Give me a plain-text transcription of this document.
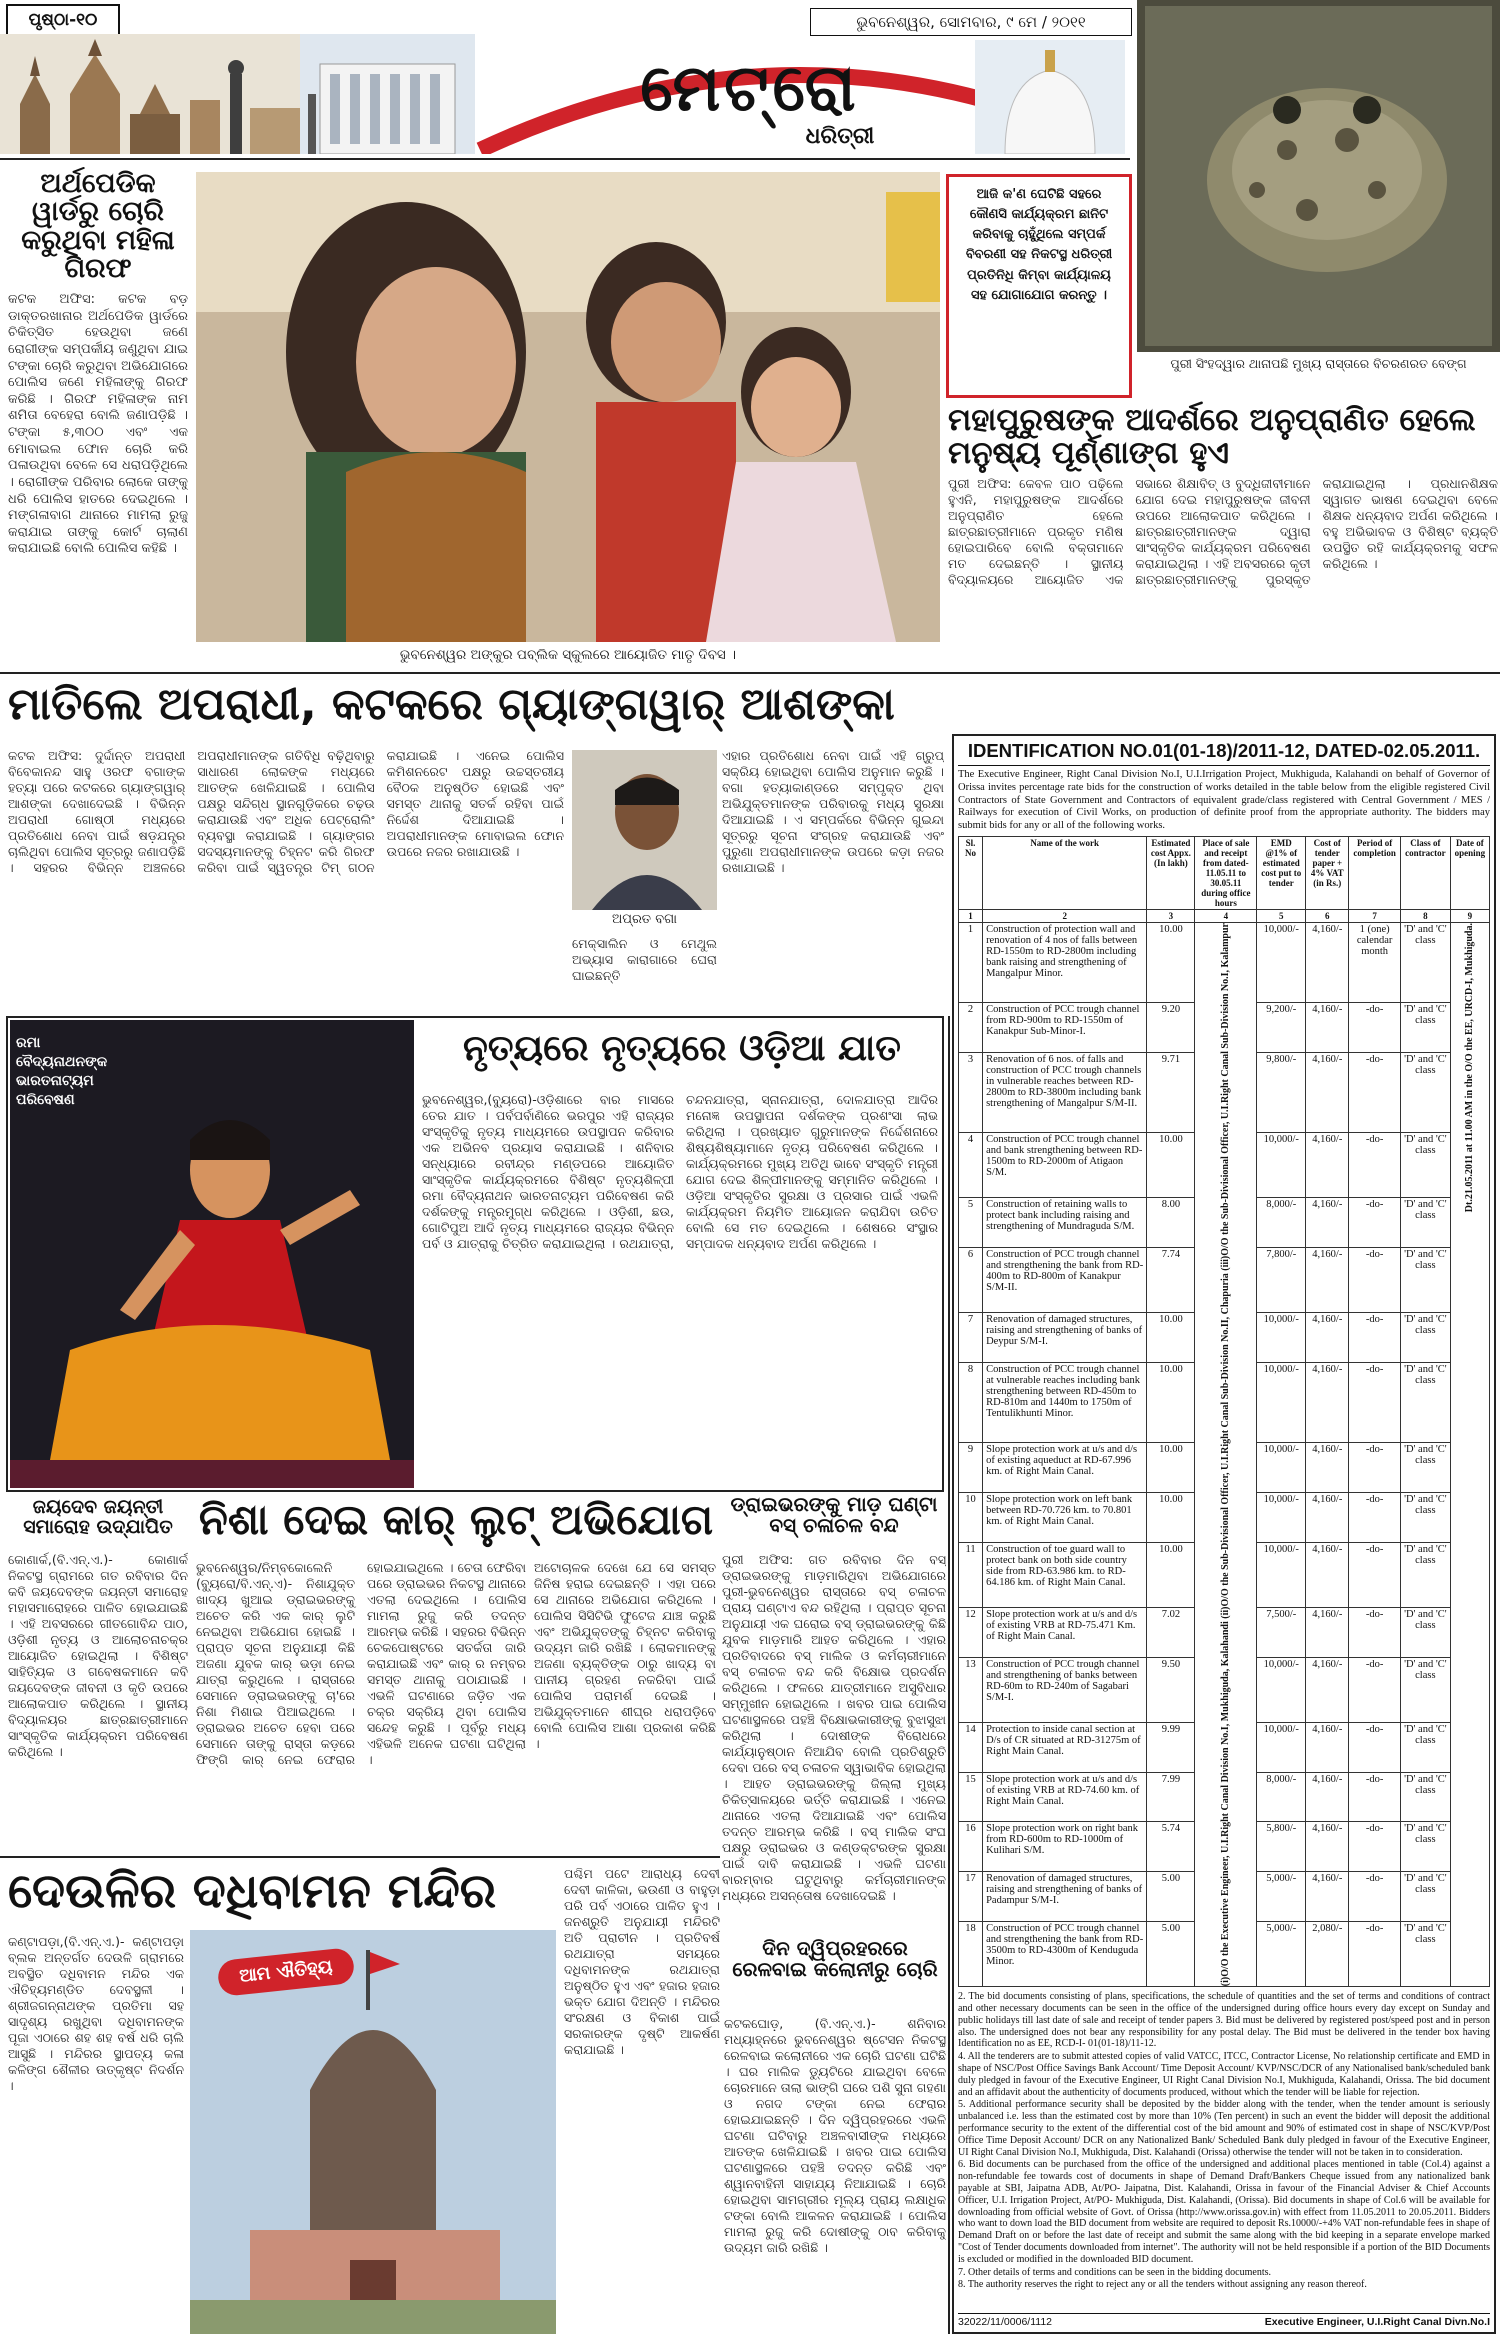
ପୃଷ୍ଠା-୧୦	ଭୁବନେଶ୍ୱର, ସୋମବାର, ୯ ମେ / ୨୦୧୧
ମେଟ୍ରୋ
ଧରିତ୍ରୀ
ପୁରୀ ସିଂହଦ୍ୱାର ଥାନାପଛି ମୁଖ୍ୟ ରାସ୍ତାରେ ବିଚରଣରତ ବେଙ୍ଗ
ଅର୍ଥପେଡିକ ୱାର୍ଡରୁ ଚୋରି କରୁଥିବା ମହିଳା ଗିରଫ
କଟକ ଅଫିସ: କଟକ ବଡ଼ ଡାକ୍ତରଖାନାର ଅର୍ଥପେଡିକ ୱାର୍ଡରେ ଚିକିତ୍ସିତ ହେଉଥିବା ଜଣେ ରୋଗୀଙ୍କ ସମ୍ପର୍କୀୟ ଜଣୁଥିବା ଯାଇ ଟଙ୍କା ଚୋରି କରୁଥିବା ଅଭିଯୋଗରେ ପୋଲିସ ଜଣେ ମହିଳାଙ୍କୁ ଗିରଫ କରିଛି । ଗିରଫ ମହିଳାଙ୍କ ନାମ ଶମିତା ବେହେରା ବୋଲି ଜଣାପଡ଼ିଛି । ଟଙ୍କା ୫,୩୦୦ ଏବଂ ଏକ ମୋବାଇଲ ଫୋନ ଚୋରି କରି ପଳାଉଥିବା ବେଳେ ସେ ଧରାପଡ଼ିଥିଲେ । ରୋଗୀଙ୍କ ପରିବାର ଲୋକେ ତାଙ୍କୁ ଧରି ପୋଲିସ ହାତରେ ଦେଇଥିଲେ । ମଙ୍ଗଳାବାଗ ଥାନାରେ ମାମଲା ରୁଜୁ କରାଯାଇ ତାଙ୍କୁ କୋର୍ଟ ଚାଲାଣ କରାଯାଇଛି ବୋଲି ପୋଲିସ କହିଛି ।
ଭୁବନେଶ୍ୱର ଅଙ୍କୁର ପବ୍ଲିକ ସ୍କୁଲରେ ଆୟୋଜିତ ମାତୃ ଦିବସ ।
ଆଜି କ'ଣ ଘେଟିଛି ସହରେ କୌଣସି କାର୍ଯ୍ୟକ୍ରମ ଛାନିଟ କରିବାକୁ ଚାହୁଁଥିଲେ ସମ୍ପର୍କ ବିବରଣୀ ସହ ନିକଟସ୍ଥ ଧରିତ୍ରୀ ପ୍ରତିନିଧି କିମ୍ବା କାର୍ଯ୍ୟାଳୟ ସହ ଯୋଗାଯୋଗ କରନ୍ତୁ ।
ମହାପୁରୁଷଙ୍କ ଆଦର୍ଶରେ ଅନୁପ୍ରାଣିତ ହେଲେ ମନୁଷ୍ୟ ପୂର୍ଣ୍ଣାଙ୍ଗ ହୁଏ
ପୁରୀ ଅଫିସ: କେବଳ ପାଠ ପଢ଼ିଲେ ହୁଏନି, ମହାପୁରୁଷଙ୍କ ଆଦର୍ଶରେ ଅନୁପ୍ରାଣିତ ହେଲେ ଛାତ୍ରଛାତ୍ରୀମାନେ ପ୍ରକୃତ ମଣିଷ ହୋଇପାରିବେ ବୋଲି ବକ୍ତାମାନେ ମତ ଦେଇଛନ୍ତି । ସ୍ଥାନୀୟ ବିଦ୍ୟାଳୟରେ ଆୟୋଜିତ ଏକ ସଭାରେ ଶିକ୍ଷାବିତ୍ ଓ ବୁଦ୍ଧିଜୀବୀମାନେ ଯୋଗ ଦେଇ ମହାପୁରୁଷଙ୍କ ଜୀବନୀ ଉପରେ ଆଲୋକପାତ କରିଥିଲେ । ଛାତ୍ରଛାତ୍ରୀମାନଙ୍କ ଦ୍ୱାରା ସାଂସ୍କୃତିକ କାର୍ଯ୍ୟକ୍ରମ ପରିବେଷଣ କରାଯାଇଥିଲା । ଏହି ଅବସରରେ କୃତୀ ଛାତ୍ରଛାତ୍ରୀମାନଙ୍କୁ ପୁରସ୍କୃତ କରାଯାଇଥିଲା । ପ୍ରଧାନଶିକ୍ଷକ ସ୍ୱାଗତ ଭାଷଣ ଦେଇଥିବା ବେଳେ ଶିକ୍ଷକ ଧନ୍ୟବାଦ ଅର୍ପଣ କରିଥିଲେ । ବହୁ ଅଭିଭାବକ ଓ ବିଶିଷ୍ଟ ବ୍ୟକ୍ତି ଉପସ୍ଥିତ ରହି କାର୍ଯ୍ୟକ୍ରମକୁ ସଫଳ କରିଥିଲେ ।
ମାତିଲେ ଅପରାଧୀ, କଟକରେ ଗ୍ୟାଙ୍ଗୱାର୍ ଆଶଙ୍କା
କଟକ ଅଫିସ: ଦୁର୍ଦ୍ଦାନ୍ତ ଅପରାଧୀ ବିବେକାନନ୍ଦ ସାହୁ ଓରଫ ବଗାଙ୍କ ହତ୍ୟା ପରେ କଟକରେ ଗ୍ୟାଙ୍ଗୱାର୍ ଆଶଙ୍କା ଦେଖାଦେଇଛି । ବିଭିନ୍ନ ଅପରାଧୀ ଗୋଷ୍ଠୀ ମଧ୍ୟରେ ପ୍ରତିଶୋଧ ନେବା ପାଇଁ ଷଡ଼ଯନ୍ତ୍ର ଚାଲିଥିବା ପୋଲିସ ସୂତ୍ରରୁ ଜଣାପଡ଼ିଛି । ସହରର ବିଭିନ୍ନ ଅଞ୍ଚଳରେ ଅପରାଧୀମାନଙ୍କ ଗତିବିଧି ବଢ଼ିଥିବାରୁ ସାଧାରଣ ଲୋକଙ୍କ ମଧ୍ୟରେ ଆତଙ୍କ ଖେଳିଯାଇଛି । ପୋଲିସ ପକ୍ଷରୁ ସନ୍ଦିଗ୍ଧ ସ୍ଥାନଗୁଡ଼ିକରେ ଚଢ଼ଉ କରାଯାଉଛି ଏବଂ ଅଧିକ ପେଟ୍ରୋଲିଂ ବ୍ୟବସ୍ଥା କରାଯାଇଛି । ଗ୍ୟାଙ୍ଗର ସଦସ୍ୟମାନଙ୍କୁ ଚିହ୍ନଟ କରି ଗିରଫ କରିବା ପାଇଁ ସ୍ୱତନ୍ତ୍ର ଟିମ୍ ଗଠନ କରାଯାଇଛି । ଏନେଇ ପୋଲିସ କମିଶନରେଟ ପକ୍ଷରୁ ଉଚ୍ଚସ୍ତରୀୟ ବୈଠକ ଅନୁଷ୍ଠିତ ହୋଇଛି ଏବଂ ସମସ୍ତ ଥାନାକୁ ସତର୍କ ରହିବା ପାଇଁ ନିର୍ଦ୍ଦେଶ ଦିଆଯାଇଛି । ଅପରାଧୀମାନଙ୍କ ମୋବାଇଲ ଫୋନ ଉପରେ ନଜର ରଖାଯାଉଛି ।
ଅପ୍ରତ ବଗା
ମେକ୍ସାଲିନ ଓ ମେଥୁଲ ଅଭ୍ୟାସ କାରାଗାରେ ଘେରା ଘାଇଛନ୍ତି
ଏହାର ପ୍ରତିଶୋଧ ନେବା ପାଇଁ ଏହି ଗ୍ରୁପ୍ ସକ୍ରିୟ ହୋଇଥିବା ପୋଲିସ ଅନୁମାନ କରୁଛି । ବଗା ହତ୍ୟାକାଣ୍ଡରେ ସମ୍ପୃକ୍ତ ଥିବା ଅଭିଯୁକ୍ତମାନଙ୍କ ପରିବାରକୁ ମଧ୍ୟ ସୁରକ୍ଷା ଦିଆଯାଇଛି । ଏ ସମ୍ପର୍କରେ ବିଭିନ୍ନ ଗୁଇନ୍ଦା ସୂତ୍ରରୁ ସୂଚନା ସଂଗ୍ରହ କରାଯାଉଛି ଏବଂ ପୁରୁଣା ଅପରାଧୀମାନଙ୍କ ଉପରେ କଡ଼ା ନଜର ରଖାଯାଇଛି ।
IDENTIFICATION NO.01(01-18)/2011-12, DATED-02.05.2011.
The Executive Engineer, Right Canal Division No.I, U.I.Irrigation Project, Mukhiguda, Kalahandi on behalf of Governor of Orissa invites percentage rate bids for the construction of works detailed in the table below from the eligible registered Civil Contractors of State Government and Contractors of equivalent grade/class registered with Central Government / MES / Railways for execution of Civil Works, on production of definite proof from the appropriate authority. The bidders may submit bids for any or all of the following works.
Sl. No	Name of the work	Estimated cost Appx. (In lakh)	Place of sale and receipt from dated-11.05.11 to 30.05.11 during office hours	EMD @1% of estimated cost put to tender	Cost of tender paper + 4% VAT (in Rs.)	Period of completion	Class of contractor	Date of opening
1	2	3	4	5	6	7	8	9
1	Construction of protection wall and renovation of 4 nos of falls between RD-1550m to RD-2800m including bank raising and strengthening of Mangalpur Minor.	10.00	(i)O/O the Executive Engineer, U.I.Right Canal Division No.I, Mukhiguda, Kalahandi (ii)O/O the Sub-Divisional Officer, U.I.Right Canal Sub-Division No.II, Chapuria (iii)O/O the Sub-Divisional Officer, U.I.Right Canal Sub-Division No.I, Kalampur	10,000/-	4,160/-	1 (one) calendar month	'D' and 'C' class	Dt.21.05.2011 at 11.00 AM in the O/O the EE, URCD-I, Mukhiguda.

2	Construction of PCC trough channel from RD-900m to RD-1550m of Kanakpur Sub-Minor-I.	9.20		9,200/-	4,160/-	-do-	'D' and 'C' class	
3	Renovation of 6 nos. of falls and construction of PCC trough channels in vulnerable reaches between RD-2800m to RD-3800m including bank strengthening of Mangalpur S/M-II.	9.71		9,800/-	4,160/-	-do-	'D' and 'C' class	
4	Construction of PCC trough channel and bank strengthening between RD-1500m to RD-2000m of Atigaon S/M.	10.00		10,000/-	4,160/-	-do-	'D' and 'C' class	
5	Construction of retaining walls to protect bank including raising and strengthening of Mundraguda S/M.	8.00		8,000/-	4,160/-	-do-	'D' and 'C' class	
6	Construction of PCC trough channel and strengthening the bank from RD-400m to RD-800m of Kanakpur S/M-II.	7.74		7,800/-	4,160/-	-do-	'D' and 'C' class	
7	Renovation of damaged structures, raising and strengthening of banks of Deypur S/M-I.	10.00		10,000/-	4,160/-	-do-	'D' and 'C' class	
8	Construction of PCC trough channel at vulnerable reaches including bank strengthening between RD-450m to RD-810m and 1440m to 1750m of Tentulikhunti Minor.	10.00		10,000/-	4,160/-	-do-	'D' and 'C' class	
9	Slope protection work at u/s and d/s of existing aqueduct at RD-67.996 km. of Right Main Canal.	10.00		10,000/-	4,160/-	-do-	'D' and 'C' class	
10	Slope protection work on left bank between RD-70.726 km. to 70.801 km. of Right Main Canal.	10.00		10,000/-	4,160/-	-do-	'D' and 'C' class	
11	Construction of toe guard wall to protect bank on both side country side from RD-63.986 km. to RD-64.186 km. of Right Main Canal.	10.00		10,000/-	4,160/-	-do-	'D' and 'C' class	
12	Slope protection work at u/s and d/s of existing VRB at RD-75.471 Km. of Right Main Canal.	7.02		7,500/-	4,160/-	-do-	'D' and 'C' class	
13	Construction of PCC trough channel and strengthening of banks between RD-60m to RD-240m of Sagabari S/M-I.	9.50		10,000/-	4,160/-	-do-	'D' and 'C' class	
14	Protection to inside canal section at D/s of CR situated at RD-31275m of Right Main Canal.	9.99		10,000/-	4,160/-	-do-	'D' and 'C' class	
15	Slope protection work at u/s and d/s of existing VRB at RD-74.60 km. of Right Main Canal.	7.99		8,000/-	4,160/-	-do-	'D' and 'C' class	
16	Slope protection work on right bank from RD-600m to RD-1000m of Kulihari S/M.	5.74		5,800/-	4,160/-	-do-	'D' and 'C' class	
17	Renovation of damaged structures, raising and strengthening of banks of Padampur S/M-I.	5.00		5,000/-	4,160/-	-do-	'D' and 'C' class	
18	Construction of PCC trough channel and strengthening the bank from RD-3500m to RD-4300m of Kenduguda Minor.	5.00		5,000/-	2,080/-	-do-	'D' and 'C' class	
2. The bid documents consisting of plans, specifications, the schedule of quantities and the set of terms and conditions of contract and other necessary documents can be seen in the office of the undersigned during office hours every day except on Sunday and public holidays till last date of sale and receipt of tender papers 3. Bid must be delivered by registered post/speed post and in person also. The undersigned does not bear any responsibility for any postal delay. The Bid must be delivered in the tender box having Identification no as EE, RCD-I- 01(01-18)/11-12.
4. All the tenderers are to submit attested copies of valid VATCC, ITCC, Contractor License, No relationship certificate and EMD in shape of NSC/Post Office Savings Bank Account/ Time Deposit Account/ KVP/NSC/DCR of any Nationalised bank/scheduled bank duly pledged in favour of the Executive Engineer, UI Right Canal Division No.I, Mukhiguda, Kalahandi, Orissa. The bid document and an affidavit about the authenticity of documents produced, without which the tender will be liable for rejection.
5. Additional performance security shall be deposited by the bidder along with the tender, when the tender amount is seriously unbalanced i.e. less than the estimated cost by more than 10% (Ten percent) in such an event the bidder will deposit the additional performance security to the extent of the differential cost of the bid amount and 90% of estimated cost in shape of NSC/KVP/Post Office Time Deposit Account/ DCR on any Nationalized Bank/ Scheduled Bank duly pledged in favour of the Executive Engineer, UI Right Canal Division No.I, Mukhiguda, Dist. Kalahandi (Orissa) otherwise the tender will not be taken in to consideration.
6. Bid documents can be purchased from the office of the undersigned and additional places mentioned in table (Col.4) against a non-refundable fee towards cost of documents in shape of Demand Draft/Bankers Cheque issued from any nationalized bank payable at SBI, Jaipatna ADB, At/PO- Jaipatna, Dist. Kalahandi, Orissa in favour of the Financial Adviser & Chief Accounts Officer, U.I. Irrigation Project, At/PO- Mukhiguda, Dist. Kalahandi, (Orissa). Bid documents in shape of Col.6 will be available for downloading from official website of Govt. of Orissa (http://www.orissa.gov.in) with effect from 11.05.2011 to 20.05.2011. Bidders who want to down load the BID document from website are required to deposit Rs.10000/-+4% VAT non-refundable fees in shape of Demand Draft on or before the last date of receipt and submit the same along with the bid keeping in a separate envelope marked "Cost of Tender documents downloaded from internet". The authority will not be held responsible if a portion of the BID Documents is excluded or modified in the downloaded BID document.
7. Other details of terms and conditions can be seen in the bidding documents.
8. The authority reserves the right to reject any or all the tenders without assigning any reason thereof.
32022/11/0006/1112	Executive Engineer, U.I.Right Canal Divn.No.I
ରମା ବୈଦ୍ୟନାଥନଙ୍କ ଭାରତନାଟ୍ୟମ ପରିବେଷଣ
ନୃତ୍ୟରେ ନୃତ୍ୟରେ ଓଡ଼ିଆ ଯାତ
ଭୁବନେଶ୍ୱର,(ବ୍ୟୁରୋ)-ଓଡ଼ିଶାରେ ବାର ମାସରେ ତେର ଯାତ । ପର୍ବପର୍ବାଣିରେ ଭରପୁର ଏହି ରାଜ୍ୟର ସଂସ୍କୃତିକୁ ନୃତ୍ୟ ମାଧ୍ୟମରେ ଉପସ୍ଥାପନ କରିବାର ଏକ ଅଭିନବ ପ୍ରୟାସ କରାଯାଇଛି । ଶନିବାର ସନ୍ଧ୍ୟାରେ ରବୀନ୍ଦ୍ର ମଣ୍ଡପରେ ଆୟୋଜିତ ସାଂସ୍କୃତିକ କାର୍ଯ୍ୟକ୍ରମରେ ବିଶିଷ୍ଟ ନୃତ୍ୟଶିଳ୍ପୀ ରମା ବୈଦ୍ୟନାଥନ ଭାରତନାଟ୍ୟମ ପରିବେଷଣ କରି ଦର୍ଶକଙ୍କୁ ମନ୍ତ୍ରମୁଗ୍ଧ କରିଥିଲେ । ଓଡ଼ିଶୀ, ଛଉ, ଗୋଟିପୁଅ ଆଦି ନୃତ୍ୟ ମାଧ୍ୟମରେ ରାଜ୍ୟର ବିଭିନ୍ନ ପର୍ବ ଓ ଯାତ୍ରାକୁ ଚିତ୍ରିତ କରାଯାଇଥିଲା । ରଥଯାତ୍ରା, ଚନ୍ଦନଯାତ୍ରା, ସ୍ନାନଯାତ୍ରା, ଦୋଳଯାତ୍ରା ଆଦିର ମନୋଜ୍ଞ ଉପସ୍ଥାପନା ଦର୍ଶକଙ୍କ ପ୍ରଶଂସା ଲାଭ କରିଥିଲା । ପ୍ରଖ୍ୟାତ ଗୁରୁମାନଙ୍କ ନିର୍ଦ୍ଦେଶନାରେ ଶିଷ୍ୟଶିଷ୍ୟାମାନେ ନୃତ୍ୟ ପରିବେଷଣ କରିଥିଲେ । କାର୍ଯ୍ୟକ୍ରମରେ ମୁଖ୍ୟ ଅତିଥି ଭାବେ ସଂସ୍କୃତି ମନ୍ତ୍ରୀ ଯୋଗ ଦେଇ ଶିଳ୍ପୀମାନଙ୍କୁ ସମ୍ମାନିତ କରିଥିଲେ । ଓଡ଼ିଆ ସଂସ୍କୃତିର ସୁରକ୍ଷା ଓ ପ୍ରସାର ପାଇଁ ଏଭଳି କାର୍ଯ୍ୟକ୍ରମ ନିୟମିତ ଆୟୋଜନ କରାଯିବା ଉଚିତ ବୋଲି ସେ ମତ ଦେଇଥିଲେ । ଶେଷରେ ସଂସ୍ଥାର ସମ୍ପାଦକ ଧନ୍ୟବାଦ ଅର୍ପଣ କରିଥିଲେ ।
ଡ୍ରାଇଭରଙ୍କୁ ମାଡ଼ ଘଣ୍ଟା ବସ୍ ଚଳାଚଳ ବନ୍ଦ
ପୁରୀ ଅଫିସ: ଗତ ରବିବାର ଦିନ ବସ୍ ଡ୍ରାଇଭରଙ୍କୁ ମାଡ଼ମାରିଥିବା ଅଭିଯୋଗରେ ପୁରୀ-ଭୁବନେଶ୍ୱର ରାସ୍ତାରେ ବସ୍ ଚଳାଚଳ ପ୍ରାୟ ଘଣ୍ଟାଏ ବନ୍ଦ ରହିଥିଲା । ପ୍ରାପ୍ତ ସୂଚନା ଅନୁଯାୟୀ ଏକ ଘରୋଇ ବସ୍ ଡ୍ରାଇଭରଙ୍କୁ କିଛି ଯୁବକ ମାଡ଼ମାରି ଆହତ କରିଥିଲେ । ଏହାର ପ୍ରତିବାଦରେ ବସ୍ ମାଲିକ ଓ କର୍ମଚାରୀମାନେ ବସ୍ ଚଳାଚଳ ବନ୍ଦ କରି ବିକ୍ଷୋଭ ପ୍ରଦର୍ଶନ କରିଥିଲେ । ଫଳରେ ଯାତ୍ରୀମାନେ ଅସୁବିଧାର ସମ୍ମୁଖୀନ ହୋଇଥିଲେ । ଖବର ପାଇ ପୋଲିସ ଘଟଣାସ୍ଥଳରେ ପହଞ୍ଚି ବିକ୍ଷୋଭକାରୀଙ୍କୁ ବୁଝାସୁଝା କରିଥିଲା । ଦୋଷୀଙ୍କ ବିରୋଧରେ କାର୍ଯ୍ୟାନୁଷ୍ଠାନ ନିଆଯିବ ବୋଲି ପ୍ରତିଶ୍ରୁତି ଦେବା ପରେ ବସ୍ ଚଳାଚଳ ସ୍ୱାଭାବିକ ହୋଇଥିଲା । ଆହତ ଡ୍ରାଇଭରଙ୍କୁ ଜିଲ୍ଲା ମୁଖ୍ୟ ଚିକିତ୍ସାଳୟରେ ଭର୍ତ୍ତି କରାଯାଇଛି । ଏନେଇ ଥାନାରେ ଏତଲା ଦିଆଯାଇଛି ଏବଂ ପୋଲିସ ତଦନ୍ତ ଆରମ୍ଭ କରିଛି । ବସ୍ ମାଲିକ ସଂଘ ପକ୍ଷରୁ ଡ୍ରାଇଭର ଓ କଣ୍ଡକ୍ଟରଙ୍କ ସୁରକ୍ଷା ପାଇଁ ଦାବି କରାଯାଇଛି । ଏଭଳି ଘଟଣା ବାରମ୍ବାର ଘଟୁଥିବାରୁ କର୍ମଚାରୀମାନଙ୍କ ମଧ୍ୟରେ ଅସନ୍ତୋଷ ଦେଖାଦେଇଛି ।
ଜୟଦେବ ଜୟନ୍ତୀ ସମାରୋହ ଉଦ୍ଯାପିତ
କୋଣାର୍କ,(ବି.ଏନ୍.ଏ.)- କୋଣାର୍କ ନିକଟସ୍ଥ ଗ୍ରାମରେ ଗତ ରବିବାର ଦିନ କବି ଜୟଦେବଙ୍କ ଜୟନ୍ତୀ ସମାରୋହ ମହାସମାରୋହରେ ପାଳିତ ହୋଇଯାଇଛି । ଏହି ଅବସରରେ ଗୀତଗୋବିନ୍ଦ ପାଠ, ଓଡ଼ିଶୀ ନୃତ୍ୟ ଓ ଆଲୋଚନାଚକ୍ର ଆୟୋଜିତ ହୋଇଥିଲା । ବିଶିଷ୍ଟ ସାହିତ୍ୟିକ ଓ ଗବେଷକମାନେ କବି ଜୟଦେବଙ୍କ ଜୀବନୀ ଓ କୃତି ଉପରେ ଆଲୋକପାତ କରିଥିଲେ । ସ୍ଥାନୀୟ ବିଦ୍ୟାଳୟର ଛାତ୍ରଛାତ୍ରୀମାନେ ସାଂସ୍କୃତିକ କାର୍ଯ୍ୟକ୍ରମ ପରିବେଷଣ କରିଥିଲେ ।
ନିଶା ଦେଇ କାର୍ ଲୁଟ୍ ଅଭିଯୋଗ
ଭୁବନେଶ୍ୱର/ନିମ୍ବକୋଲେନି (ବ୍ୟୁରୋ/ବି.ଏନ୍.ଏ)- ନିଶାଯୁକ୍ତ ଖାଦ୍ୟ ଖୁଆଇ ଡ୍ରାଇଭରଙ୍କୁ ଅଚେତ କରି ଏକ କାର୍ ଲୁଟି ନେଇଥିବା ଅଭିଯୋଗ ହୋଇଛି । ପ୍ରାପ୍ତ ସୂଚନା ଅନୁଯାୟୀ କିଛି ଅଜଣା ଯୁବକ କାର୍ ଭଡ଼ା ନେଇ ଯାତ୍ରା କରୁଥିଲେ । ରାସ୍ତାରେ ସେମାନେ ଡ୍ରାଇଭରଙ୍କୁ ଚା'ରେ ନିଶା ମିଶାଇ ପିଆଇଥିଲେ । ଡ୍ରାଇଭର ଅଚେତ ହେବା ପରେ ସେମାନେ ତାଙ୍କୁ ରାସ୍ତା କଡ଼ରେ ଫିଙ୍ଗି କାର୍ ନେଇ ଫେରାର ହୋଇଯାଇଥିଲେ । ଚେତା ଫେରିବା ପରେ ଡ୍ରାଇଭର ନିକଟସ୍ଥ ଥାନାରେ ଏତଲା ଦେଇଥିଲେ । ପୋଲିସ ମାମଲା ରୁଜୁ କରି ତଦନ୍ତ ଆରମ୍ଭ କରିଛି । ସହରର ବିଭିନ୍ନ ଚେକପୋଷ୍ଟରେ ସତର୍କତା ଜାରି କରାଯାଇଛି ଏବଂ କାର୍ ର ନମ୍ବର ସମସ୍ତ ଥାନାକୁ ପଠାଯାଇଛି । ଏଭଳି ଘଟଣାରେ ଜଡ଼ିତ ଏକ ଚକ୍ର ସକ୍ରିୟ ଥିବା ପୋଲିସ ସନ୍ଦେହ କରୁଛି । ପୂର୍ବରୁ ମଧ୍ୟ ଏହିଭଳି ଅନେକ ଘଟଣା ଘଟିଥିଲା ।
ଅଟୋଚାଳକ ଦେଖେ ଯେ ସେ ସମସ୍ତ ଜିନିଷ ହରାଇ ଦେଇଛନ୍ତି । ଏହା ପରେ ସେ ଥାନାରେ ଅଭିଯୋଗ କରିଥିଲେ । ପୋଲିସ ସିସିଟିଭି ଫୁଟେଜ ଯାଞ୍ଚ କରୁଛି ଏବଂ ଅଭିଯୁକ୍ତଙ୍କୁ ଚିହ୍ନଟ କରିବାକୁ ଉଦ୍ୟମ ଜାରି ରଖିଛି । ଲୋକମାନଙ୍କୁ ଅଜଣା ବ୍ୟକ୍ତିଙ୍କ ଠାରୁ ଖାଦ୍ୟ ବା ପାନୀୟ ଗ୍ରହଣ ନକରିବା ପାଇଁ ପୋଲିସ ପରାମର୍ଶ ଦେଇଛି । ଅଭିଯୁକ୍ତମାନେ ଶୀଘ୍ର ଧରାପଡ଼ିବେ ବୋଲି ପୋଲିସ ଆଶା ପ୍ରକାଶ କରିଛି ।
ଦେଉଳିର ଦଧିବାମନ ମନ୍ଦିର
କଣ୍ଟାପଡ଼ା,(ବି.ଏନ୍.ଏ.)- କଣ୍ଟାପଡ଼ା ବ୍ଲକ ଅନ୍ତର୍ଗତ ଦେଉଳି ଗ୍ରାମରେ ଅବସ୍ଥିତ ଦଧିବାମନ ମନ୍ଦିର ଏକ ଐତିହ୍ୟମଣ୍ଡିତ ଦେବସ୍ଥଳୀ । ଶ୍ରୀଜଗନ୍ନାଥଙ୍କ ପ୍ରତିମା ସହ ସାଦୃଶ୍ୟ ରଖୁଥିବା ଦଧିବାମନଙ୍କ ପୂଜା ଏଠାରେ ଶହ ଶହ ବର୍ଷ ଧରି ଚାଲି ଆସୁଛି । ମନ୍ଦିରର ସ୍ଥାପତ୍ୟ କଳା କଳିଙ୍ଗ ଶୈଳୀର ଉତ୍କୃଷ୍ଟ ନିଦର୍ଶନ ।
ଆମ ଐତିହ୍ୟ
ପଶ୍ଚିମ ପଟେ ଆରାଧ୍ୟ ଦେବୀ ଦେବୀ କାଳିକା, ଭଉଣୀ ଓ ବାହୁଡ଼ା ପରି ପର୍ବ ଏଠାରେ ପାଳିତ ହୁଏ । ଜନଶ୍ରୁତି ଅନୁଯାୟୀ ମନ୍ଦିରଟି ଅତି ପ୍ରାଚୀନ । ପ୍ରତିବର୍ଷ ରଥଯାତ୍ରା ସମୟରେ ଦଧିବାମନଙ୍କ ରଥଯାତ୍ରା ଅନୁଷ୍ଠିତ ହୁଏ ଏବଂ ହଜାର ହଜାର ଭକ୍ତ ଯୋଗ ଦିଅନ୍ତି । ମନ୍ଦିରର ସଂରକ୍ଷଣ ଓ ବିକାଶ ପାଇଁ ସରକାରଙ୍କ ଦୃଷ୍ଟି ଆକର୍ଷଣ କରାଯାଇଛି ।
ଦିନ ଦ୍ୱିପ୍ରହରରେ ରେଳବାଇ କଲୋନୀରୁ ଚୋରି
କଟକଘୋଡ଼, (ବି.ଏନ୍.ଏ.)- ଶନିବାର ମଧ୍ୟାହ୍ନରେ ଭୁବନେଶ୍ୱର ଷ୍ଟେସନ ନିକଟସ୍ଥ ରେଳବାଇ କଲୋନୀରେ ଏକ ଚୋରି ଘଟଣା ଘଟିଛି । ଘର ମାଲିକ ଡ୍ୟୁଟିରେ ଯାଇଥିବା ବେଳେ ଚୋରମାନେ ତାଲା ଭାଙ୍ଗି ଘରେ ପଶି ସୁନା ଗହଣା ଓ ନଗଦ ଟଙ୍କା ନେଇ ଫେରାର ହୋଇଯାଇଛନ୍ତି । ଦିନ ଦ୍ୱିପ୍ରହରରେ ଏଭଳି ଘଟଣା ଘଟିବାରୁ ଅଞ୍ଚଳବାସୀଙ୍କ ମଧ୍ୟରେ ଆତଙ୍କ ଖେଳିଯାଇଛି । ଖବର ପାଇ ପୋଲିସ ଘଟଣାସ୍ଥଳରେ ପହଞ୍ଚି ତଦନ୍ତ କରିଛି ଏବଂ ଶ୍ୱାନବାହିନୀ ସାହାଯ୍ୟ ନିଆଯାଇଛି । ଚୋରି ହୋଇଥିବା ସାମଗ୍ରୀର ମୂଲ୍ୟ ପ୍ରାୟ ଲକ୍ଷାଧିକ ଟଙ୍କା ବୋଲି ଆକଳନ କରାଯାଇଛି । ପୋଲିସ ମାମଲା ରୁଜୁ କରି ଦୋଷୀଙ୍କୁ ଠାବ କରିବାକୁ ଉଦ୍ୟମ ଜାରି ରଖିଛି ।
